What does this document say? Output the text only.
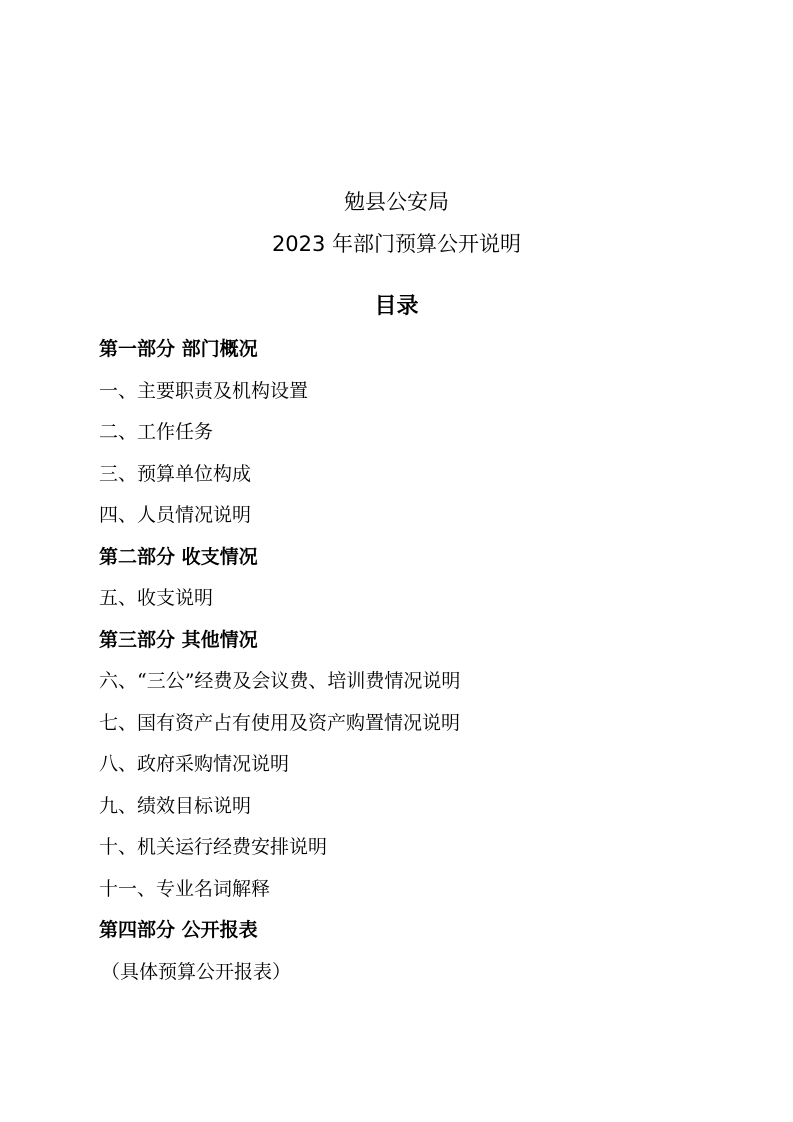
勉县公安局
2023 年部门预算公开说明
目录
第一部分 部门概况
一、主要职责及机构设置
二、工作任务
三、预算单位构成
四、人员情况说明
第二部分 收支情况
五、收支说明
第三部分 其他情况
六、“三公”经费及会议费、培训费情况说明
七、国有资产占有使用及资产购置情况说明
八、政府采购情况说明
九、绩效目标说明
十、机关运行经费安排说明
十一、专业名词解释
第四部分 公开报表
（具体预算公开报表）
